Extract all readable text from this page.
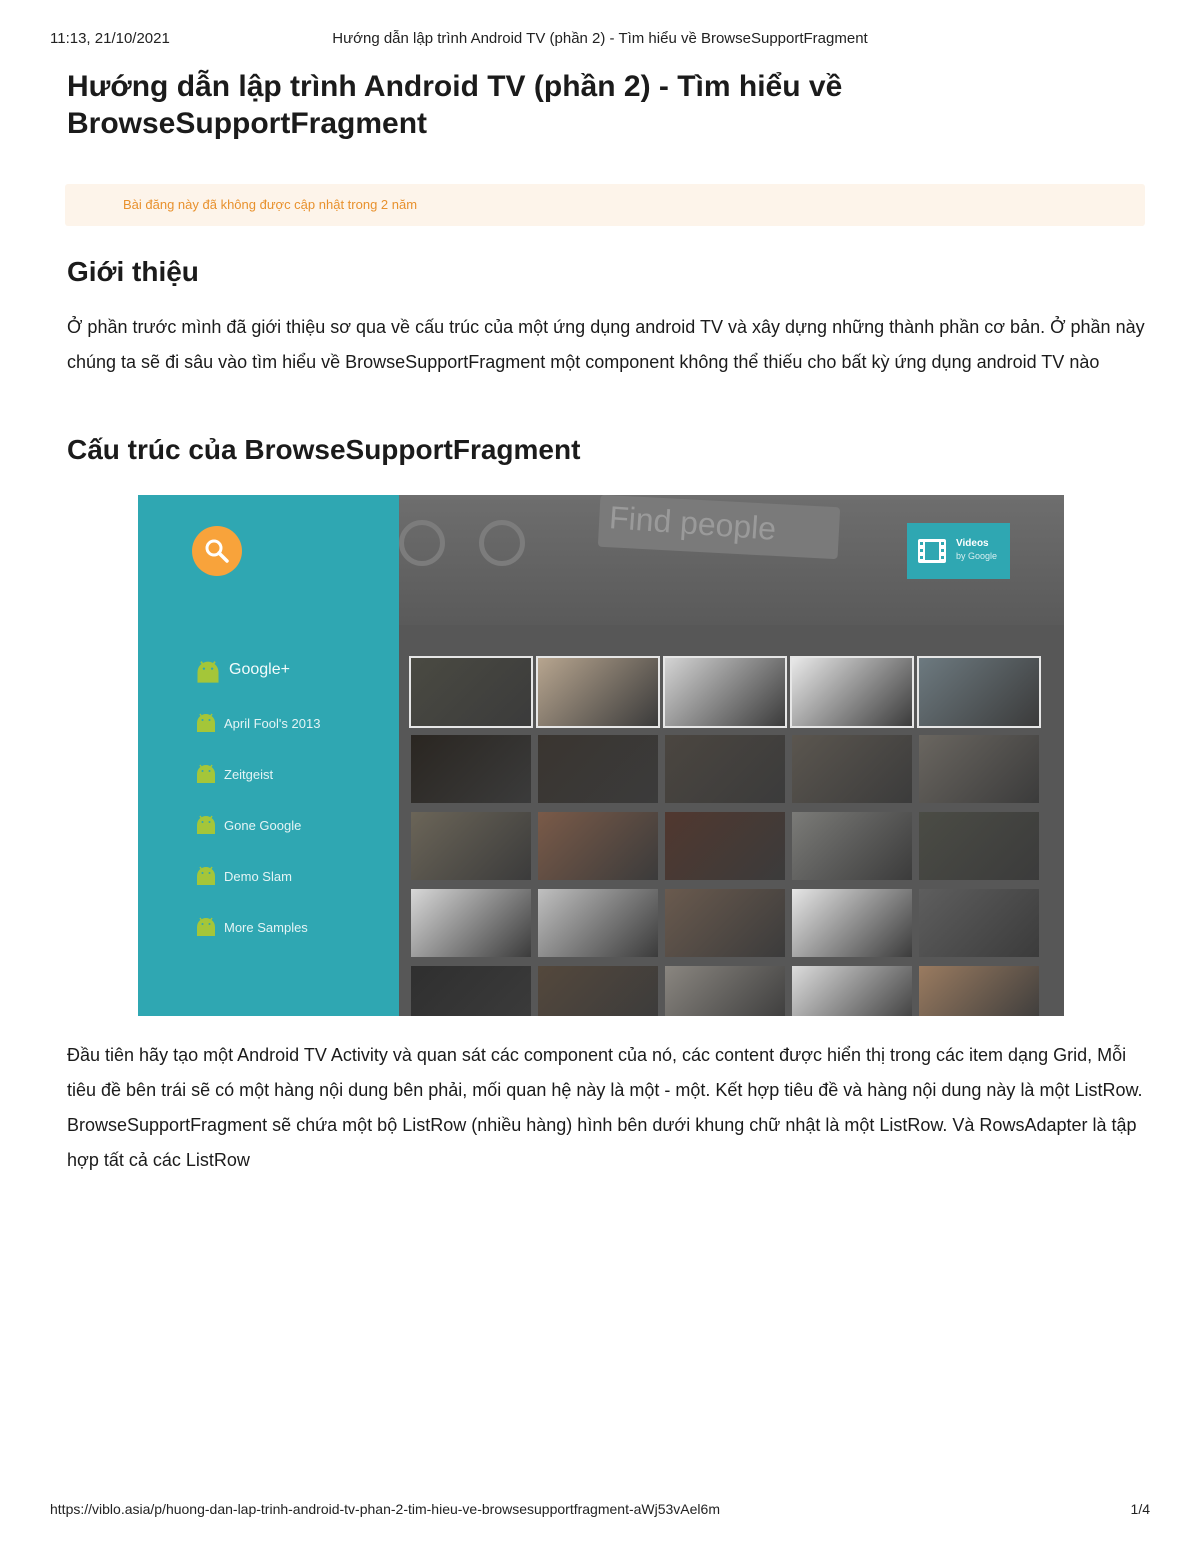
11:13, 21/10/2021	Hướng dẫn lập trình Android TV (phần 2) - Tìm hiểu về BrowseSupportFragment
Hướng dẫn lập trình Android TV (phần 2) - Tìm hiểu về BrowseSupportFragment
Bài đăng này đã không được cập nhật trong 2 năm
Giới thiệu

Ở phần trước mình đã giới thiệu sơ qua về cấu trúc của một ứng dụng android TV và xây dựng những thành phần cơ bản. Ở phần này chúng ta sẽ đi sâu vào tìm hiểu về BrowseSupportFragment một component không thể thiếu cho bất kỳ ứng dụng android TV nào

Cấu trúc của BrowseSupportFragment
Google+
April Fool's 2013
Zeitgeist
Gone Google
Demo Slam
More Samples
Find people	Videos
by Google

Đầu tiên hãy tạo một Android TV Activity và quan sát các component của nó, các content được hiển thị trong các item dạng Grid, Mỗi tiêu đề bên trái sẽ có một hàng nội dung bên phải, mối quan hệ này là một - một. Kết hợp tiêu đề và hàng nội dung này là một ListRow. BrowseSupportFragment sẽ chứa một bộ ListRow (nhiều hàng) hình bên dưới khung chữ nhật là một ListRow. Và RowsAdapter là tập hợp tất cả các ListRow

https://viblo.asia/p/huong-dan-lap-trinh-android-tv-phan-2-tim-hieu-ve-browsesupportfragment-aWj53vAel6m	1/4
